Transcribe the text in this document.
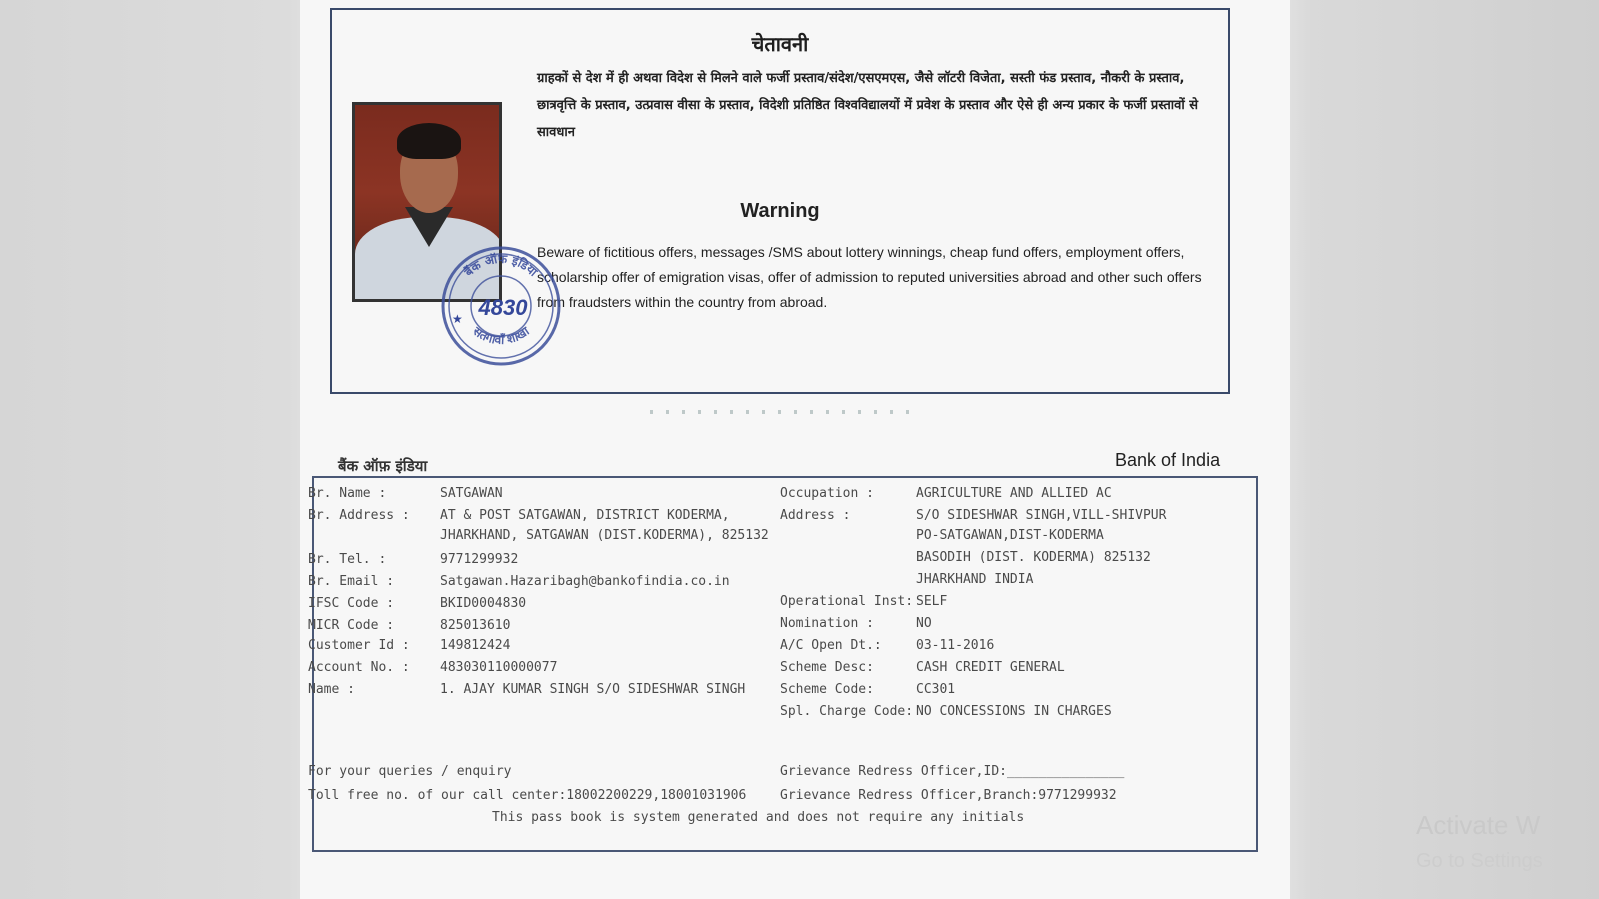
चेतावनी
ग्राहकों से देश में ही अथवा विदेश से मिलने वाले फर्जी प्रस्ताव/संदेश/एसएमएस, जैसे लॉटरी विजेता, सस्ती फंड प्रस्ताव, नौकरी के प्रस्ताव, छात्रवृत्ति के प्रस्ताव, उत्प्रवास वीसा के प्रस्ताव, विदेशी प्रतिष्ठित विश्वविद्यालयों में प्रवेश के प्रस्ताव और ऐसे ही अन्य प्रकार के फर्जी प्रस्तावों से सावधान
Warning
Beware of fictitious offers, messages /SMS about lottery winnings, cheap fund offers, employment offers, scholarship offer of emigration visas, offer of admission to reputed universities abroad and other such offers from fraudsters within the country from abroad.
बैंक ऑफ इंडिया
सतगावाँ शाखा
4830
★
बैंक ऑफ़ इंडिया	Bank of India
Br. Name :	SATGAWAN
Br. Address : AT & POST SATGAWAN, DISTRICT KODERMA,
JHARKHAND, SATGAWAN (DIST.KODERMA), 825132
Br. Tel. :	9771299932
Br. Email :	Satgawan.Hazaribagh@bankofindia.co.in
IFSC Code :	BKID0004830
MICR Code :	825013610
Customer Id : 149812424
Account No. : 483030110000077
Name :	1. AJAY KUMAR SINGH S/O SIDESHWAR SINGH
Occupation :	AGRICULTURE AND ALLIED AC
Address :	S/O SIDESHWAR SINGH,VILL-SHIVPUR
PO-SATGAWAN,DIST-KODERMA
BASODIH (DIST. KODERMA) 825132
JHARKHAND INDIA
Operational Inst: SELF
Nomination :	NO
A/C Open Dt.:	03-11-2016
Scheme Desc:	CASH CREDIT GENERAL
Scheme Code:	CC301
Spl. Charge Code: NO CONCESSIONS IN CHARGES
For your queries / enquiry
Toll free no. of our call center:18002200229,18001031906
Grievance Redress Officer,ID:_______________
Grievance Redress Officer,Branch:9771299932
This pass book is system generated and does not require any initials	Activate W
Go to Settings
